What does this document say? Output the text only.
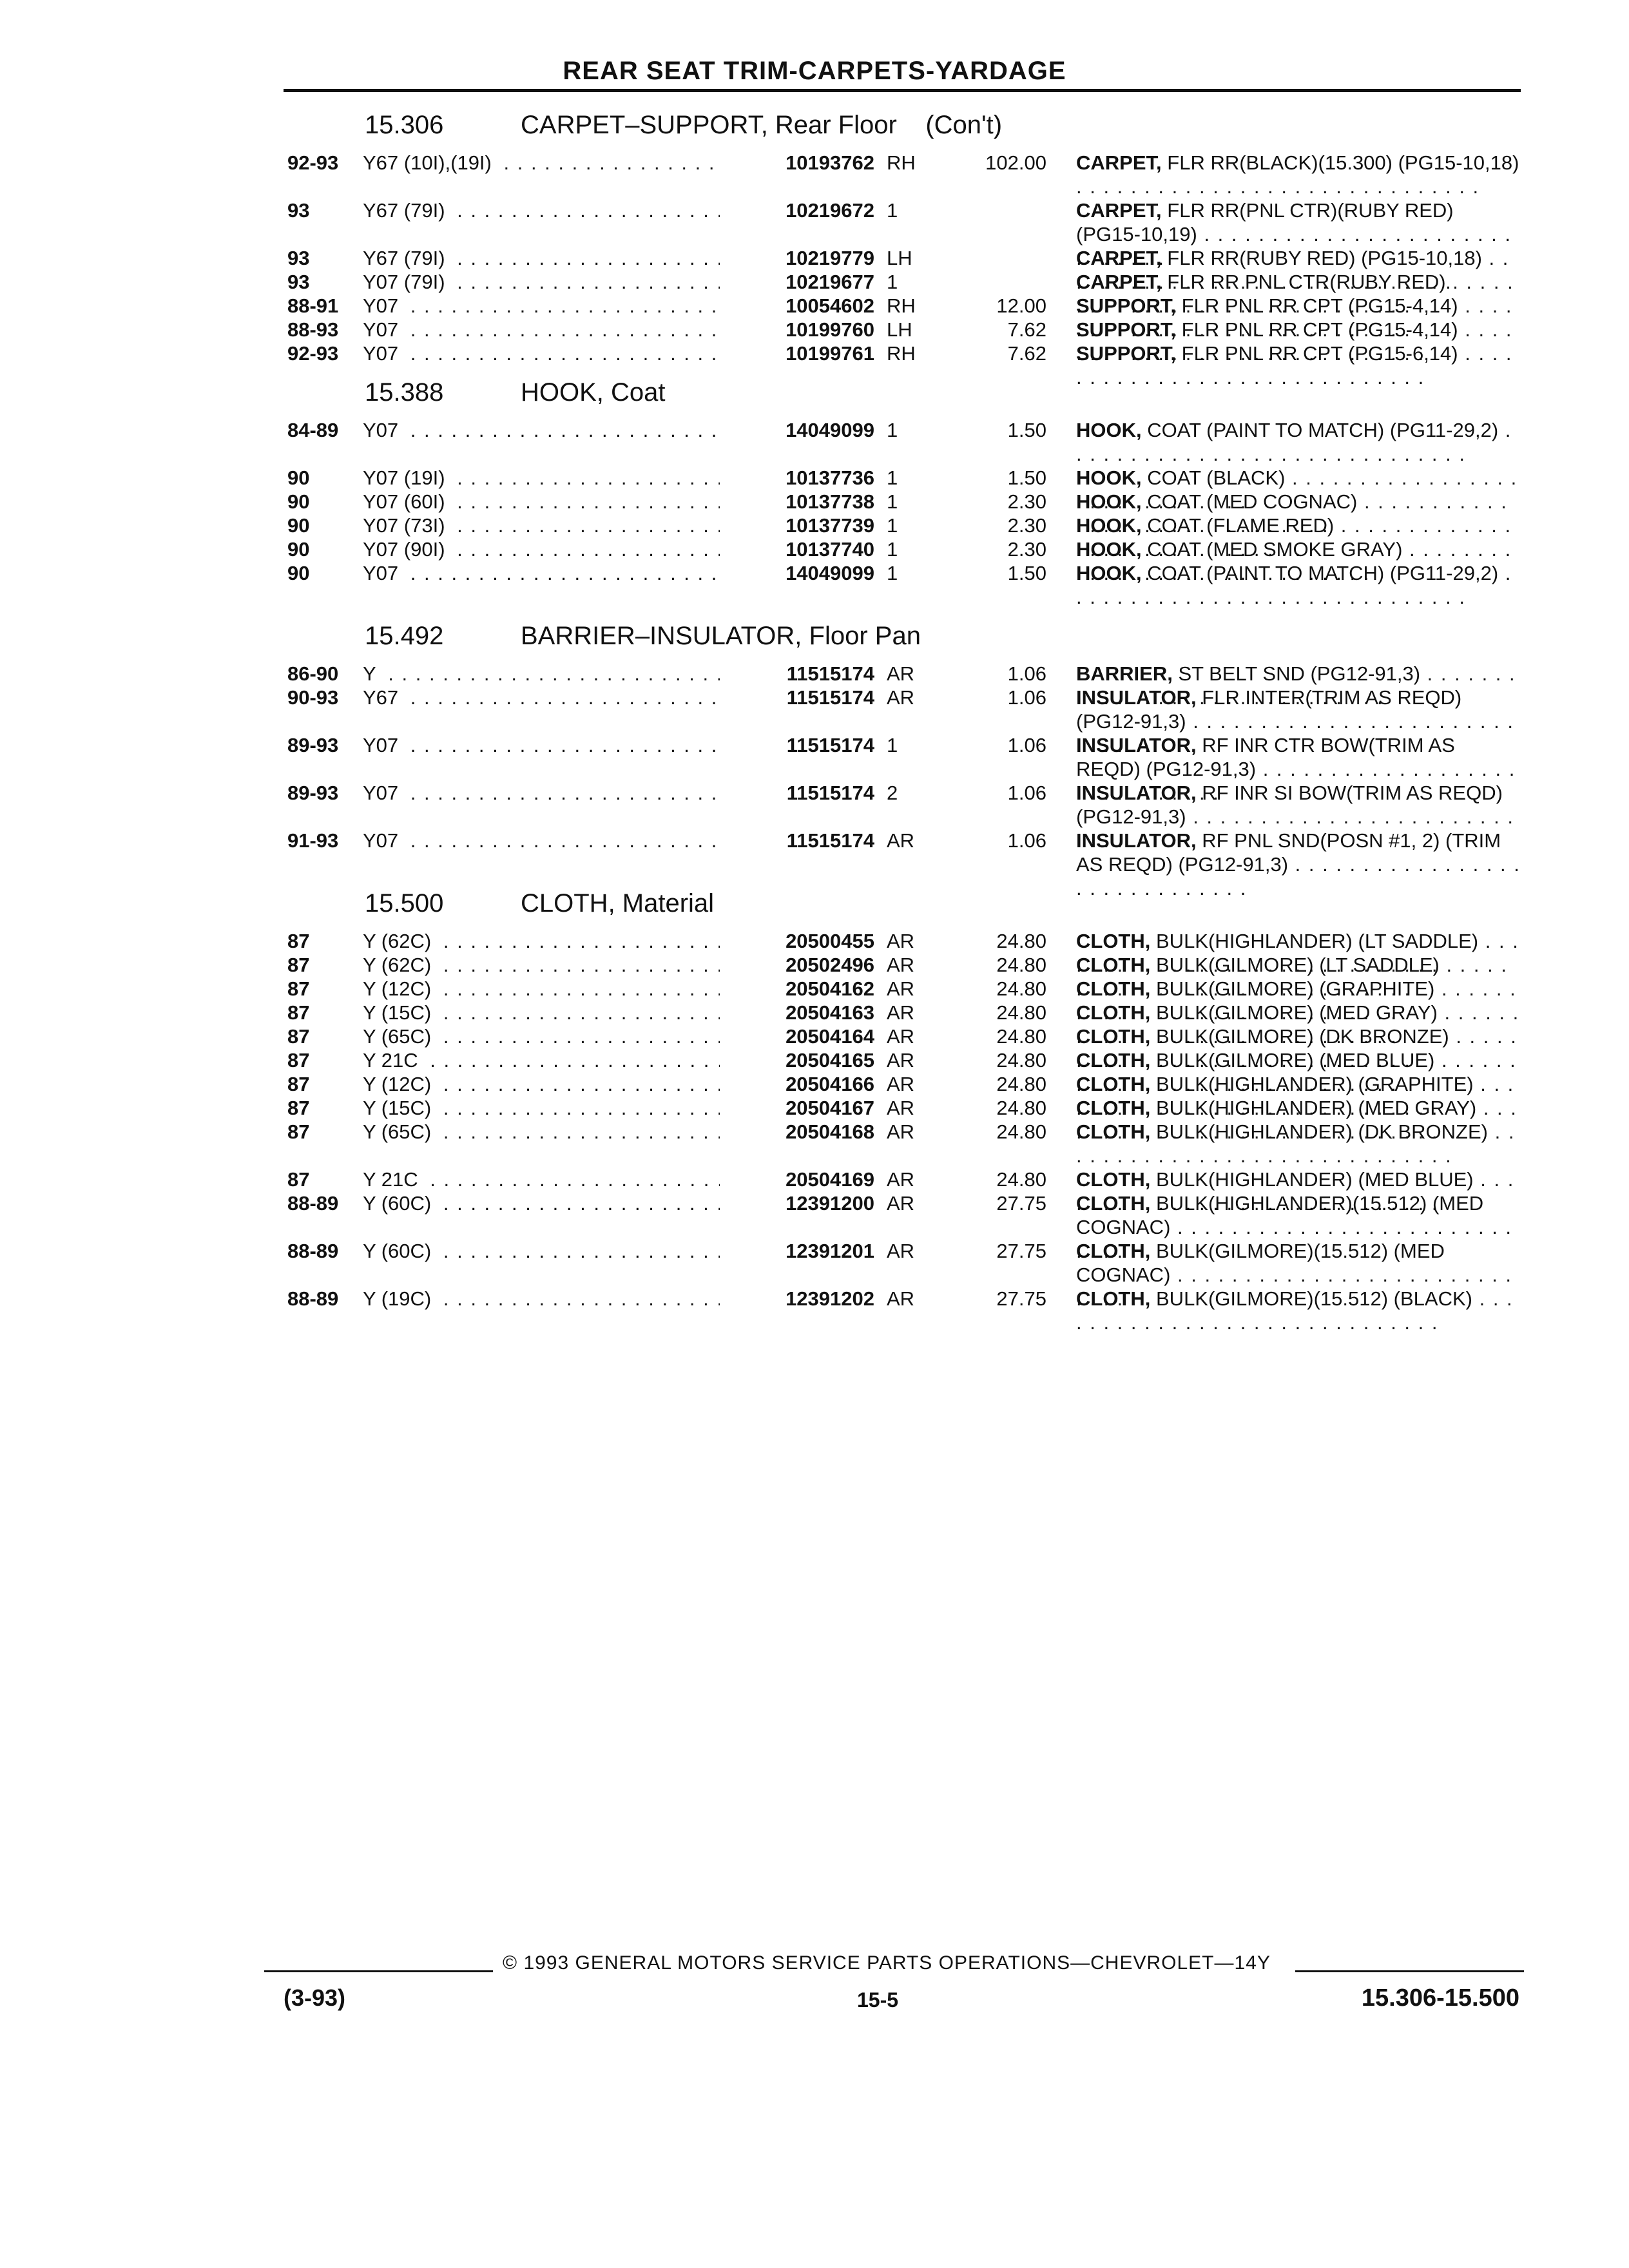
REAR SEAT TRIM-CARPETS-YARDAGE
15.306	CARPET–SUPPORT, Rear Floor    (Con't)
92-93 Y67 (10I),(19I) . . .	10193762 RH	102.00 CARPET, FLR RR(BLACK)(15.300) (PG15-10,18) . . .
93	Y67 (79I) . . .	10219672 1	CARPET, FLR RR(PNL CTR)(RUBY RED) (PG15-10,19) . . .
93	Y67 (79I) . . .	10219779 LH	CARPET, FLR RR(RUBY RED) (PG15-10,18) . . .
93	Y07 (79I) . . .	10219677 1	CARPET, FLR RR PNL CTR(RUBY RED) . . .
88-91 Y07 . . .	10054602 RH	12.00 SUPPORT, FLR PNL RR CPT (PG15-4,14) . . .
88-93 Y07 . . .	10199760 LH	7.62 SUPPORT, FLR PNL RR CPT (PG15-4,14) . . .
92-93 Y07 . . .	10199761 RH	7.62 SUPPORT, FLR PNL RR CPT (PG15-6,14) . . .
15.388	HOOK, Coat
84-89 Y07 . . .	14049099 1	1.50 HOOK, COAT (PAINT TO MATCH) (PG11-29,2) . . .
90	Y07 (19I) . . .	10137736 1	1.50 HOOK, COAT (BLACK) . . .
90	Y07 (60I) . . .	10137738 1	2.30 HOOK, COAT (MED COGNAC) . . .
90	Y07 (73I) . . .	10137739 1	2.30 HOOK, COAT (FLAME RED) . . .
90	Y07 (90I) . . .	10137740 1	2.30 HOOK, COAT (MED SMOKE GRAY) . . .
90	Y07 . . .	14049099 1	1.50 HOOK, COAT (PAINT TO MATCH) (PG11-29,2) . . .
15.492	BARRIER–INSULATOR, Floor Pan
86-90 Y . . .	11515174 AR	1.06 BARRIER, ST BELT SND (PG12-91,3) . . .
90-93 Y67 . . .	11515174 AR	1.06 INSULATOR, FLR INTER(TRIM AS REQD) (PG12-91,3) . . .
89-93 Y07 . . .	11515174 1	1.06 INSULATOR, RF INR CTR BOW(TRIM AS REQD) (PG12-91,3) . . .
89-93 Y07 . . .	11515174 2	1.06 INSULATOR, RF INR SI BOW(TRIM AS REQD) (PG12-91,3) . . .
91-93 Y07 . . .	11515174 AR	1.06 INSULATOR, RF PNL SND(POSN #1, 2) (TRIM AS REQD) (PG12-91,3) . . .
15.500	CLOTH, Material
87	Y (62C) . . .	20500455 AR	24.80 CLOTH, BULK(HIGHLANDER) (LT SADDLE) . . .
87	Y (62C) . . .	20502496 AR	24.80 CLOTH, BULK(GILMORE) (LT SADDLE) . . .
87	Y (12C) . . .	20504162 AR	24.80 CLOTH, BULK(GILMORE) (GRAPHITE) . . .
87	Y (15C) . . .	20504163 AR	24.80 CLOTH, BULK(GILMORE) (MED GRAY) . . .
87	Y (65C) . . .	20504164 AR	24.80 CLOTH, BULK(GILMORE) (DK BRONZE) . . .
87	Y 21C . . .	20504165 AR	24.80 CLOTH, BULK(GILMORE) (MED BLUE) . . .
87	Y (12C) . . .	20504166 AR	24.80 CLOTH, BULK(HIGHLANDER) (GRAPHITE) . . .
87	Y (15C) . . .	20504167 AR	24.80 CLOTH, BULK(HIGHLANDER) (MED GRAY) . . .
87	Y (65C) . . .	20504168 AR	24.80 CLOTH, BULK(HIGHLANDER) (DK BRONZE) . . .
87	Y 21C . . .	20504169 AR	24.80 CLOTH, BULK(HIGHLANDER) (MED BLUE) . . .
88-89 Y (60C) . . .	12391200 AR	27.75 CLOTH, BULK(HIGHLANDER)(15.512) (MED COGNAC) . . .
88-89 Y (60C) . . .	12391201 AR	27.75 CLOTH, BULK(GILMORE)(15.512) (MED COGNAC) . . .
88-89 Y (19C) . . .	12391202 AR	27.75 CLOTH, BULK(GILMORE)(15.512) (BLACK) . . .
© 1993 GENERAL MOTORS SERVICE PARTS OPERATIONS—CHEVROLET—14Y
(3-93)	15-5	15.306-15.500
